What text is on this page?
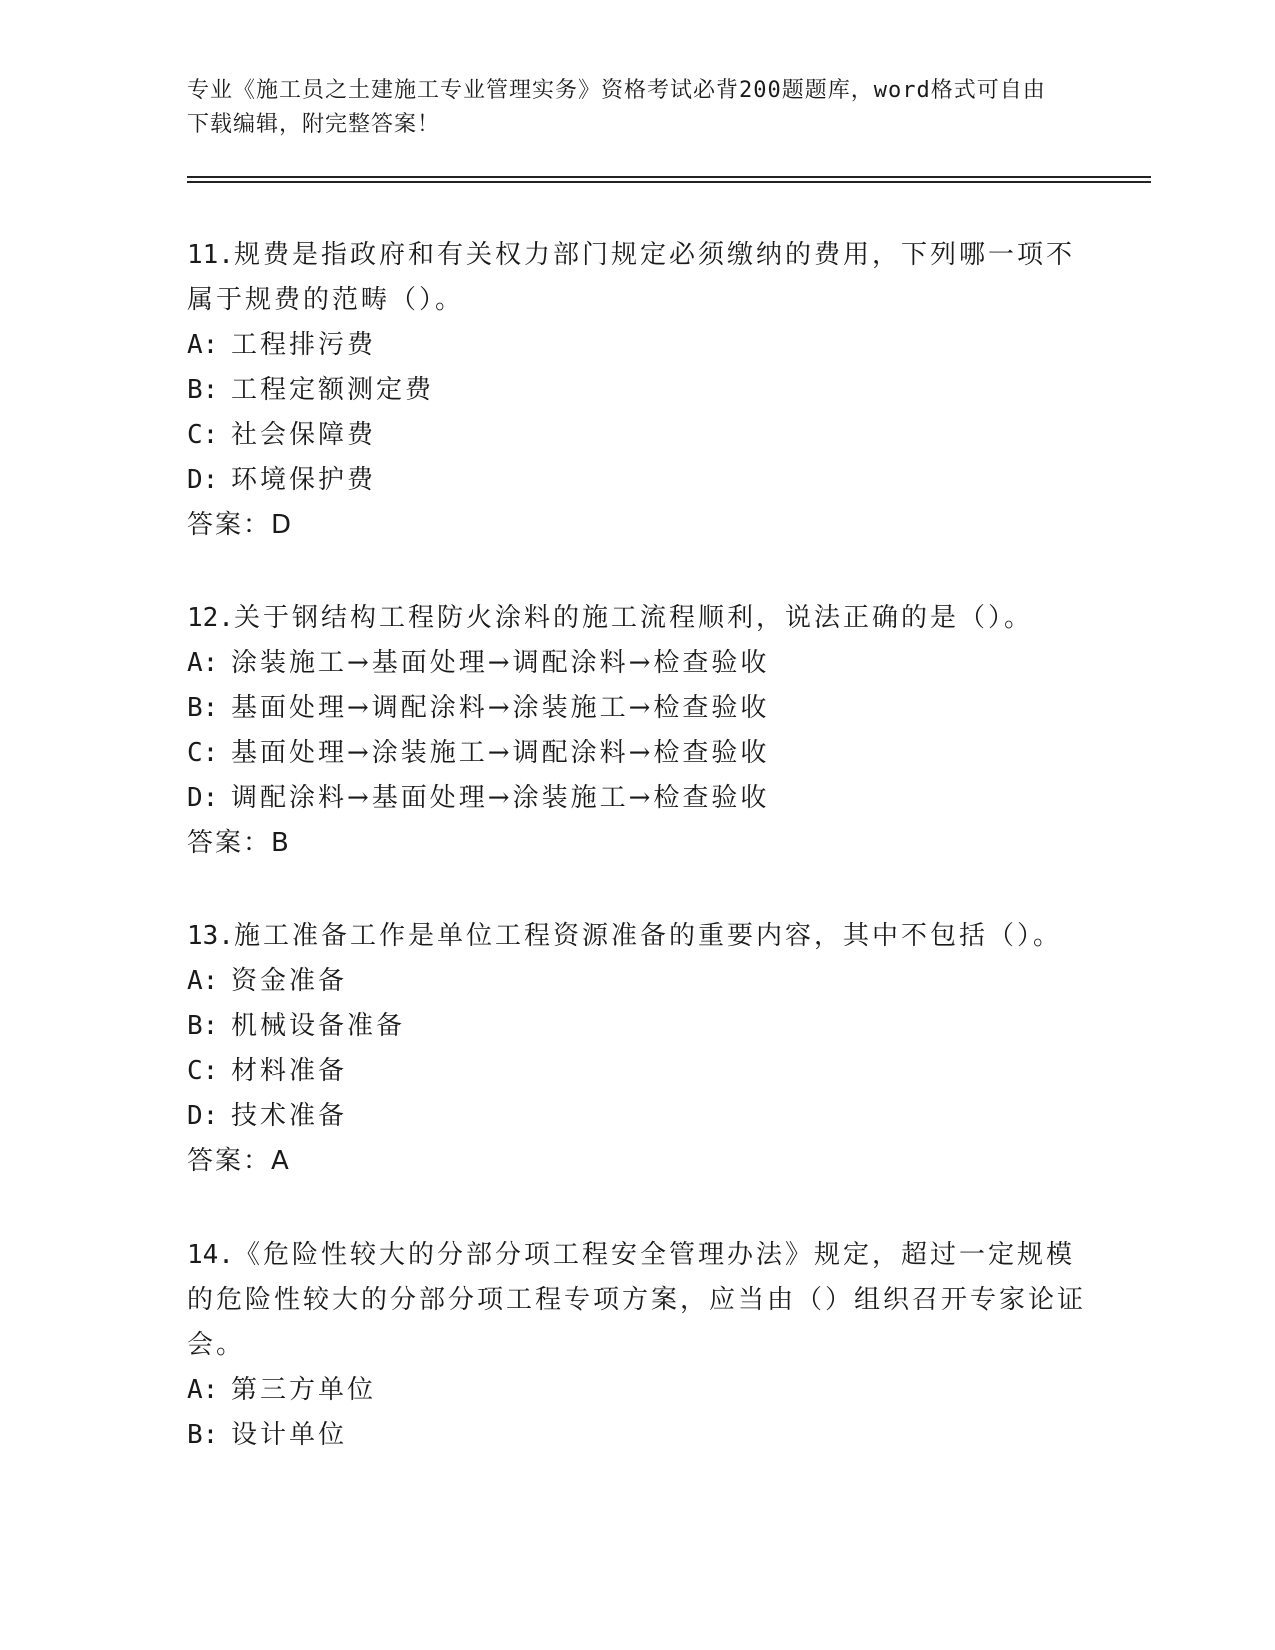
专业《施工员之土建施工专业管理实务》资格考试必背200题题库，word格式可自由下载编辑，附完整答案！
11.规费是指政府和有关权力部门规定必须缴纳的费用，下列哪一项不属于规费的范畴（）。
A: 工程排污费
B: 工程定额测定费
C: 社会保障费
D: 环境保护费
答案：D
12.关于钢结构工程防火涂料的施工流程顺利，说法正确的是（）。
A: 涂装施工→基面处理→调配涂料→检查验收
B: 基面处理→调配涂料→涂装施工→检查验收
C: 基面处理→涂装施工→调配涂料→检查验收
D: 调配涂料→基面处理→涂装施工→检查验收
答案：B
13.施工准备工作是单位工程资源准备的重要内容，其中不包括（）。
A: 资金准备
B: 机械设备准备
C: 材料准备
D: 技术准备
答案：A
14.《危险性较大的分部分项工程安全管理办法》规定，超过一定规模的危险性较大的分部分项工程专项方案，应当由（）组织召开专家论证会。
A: 第三方单位
B: 设计单位
